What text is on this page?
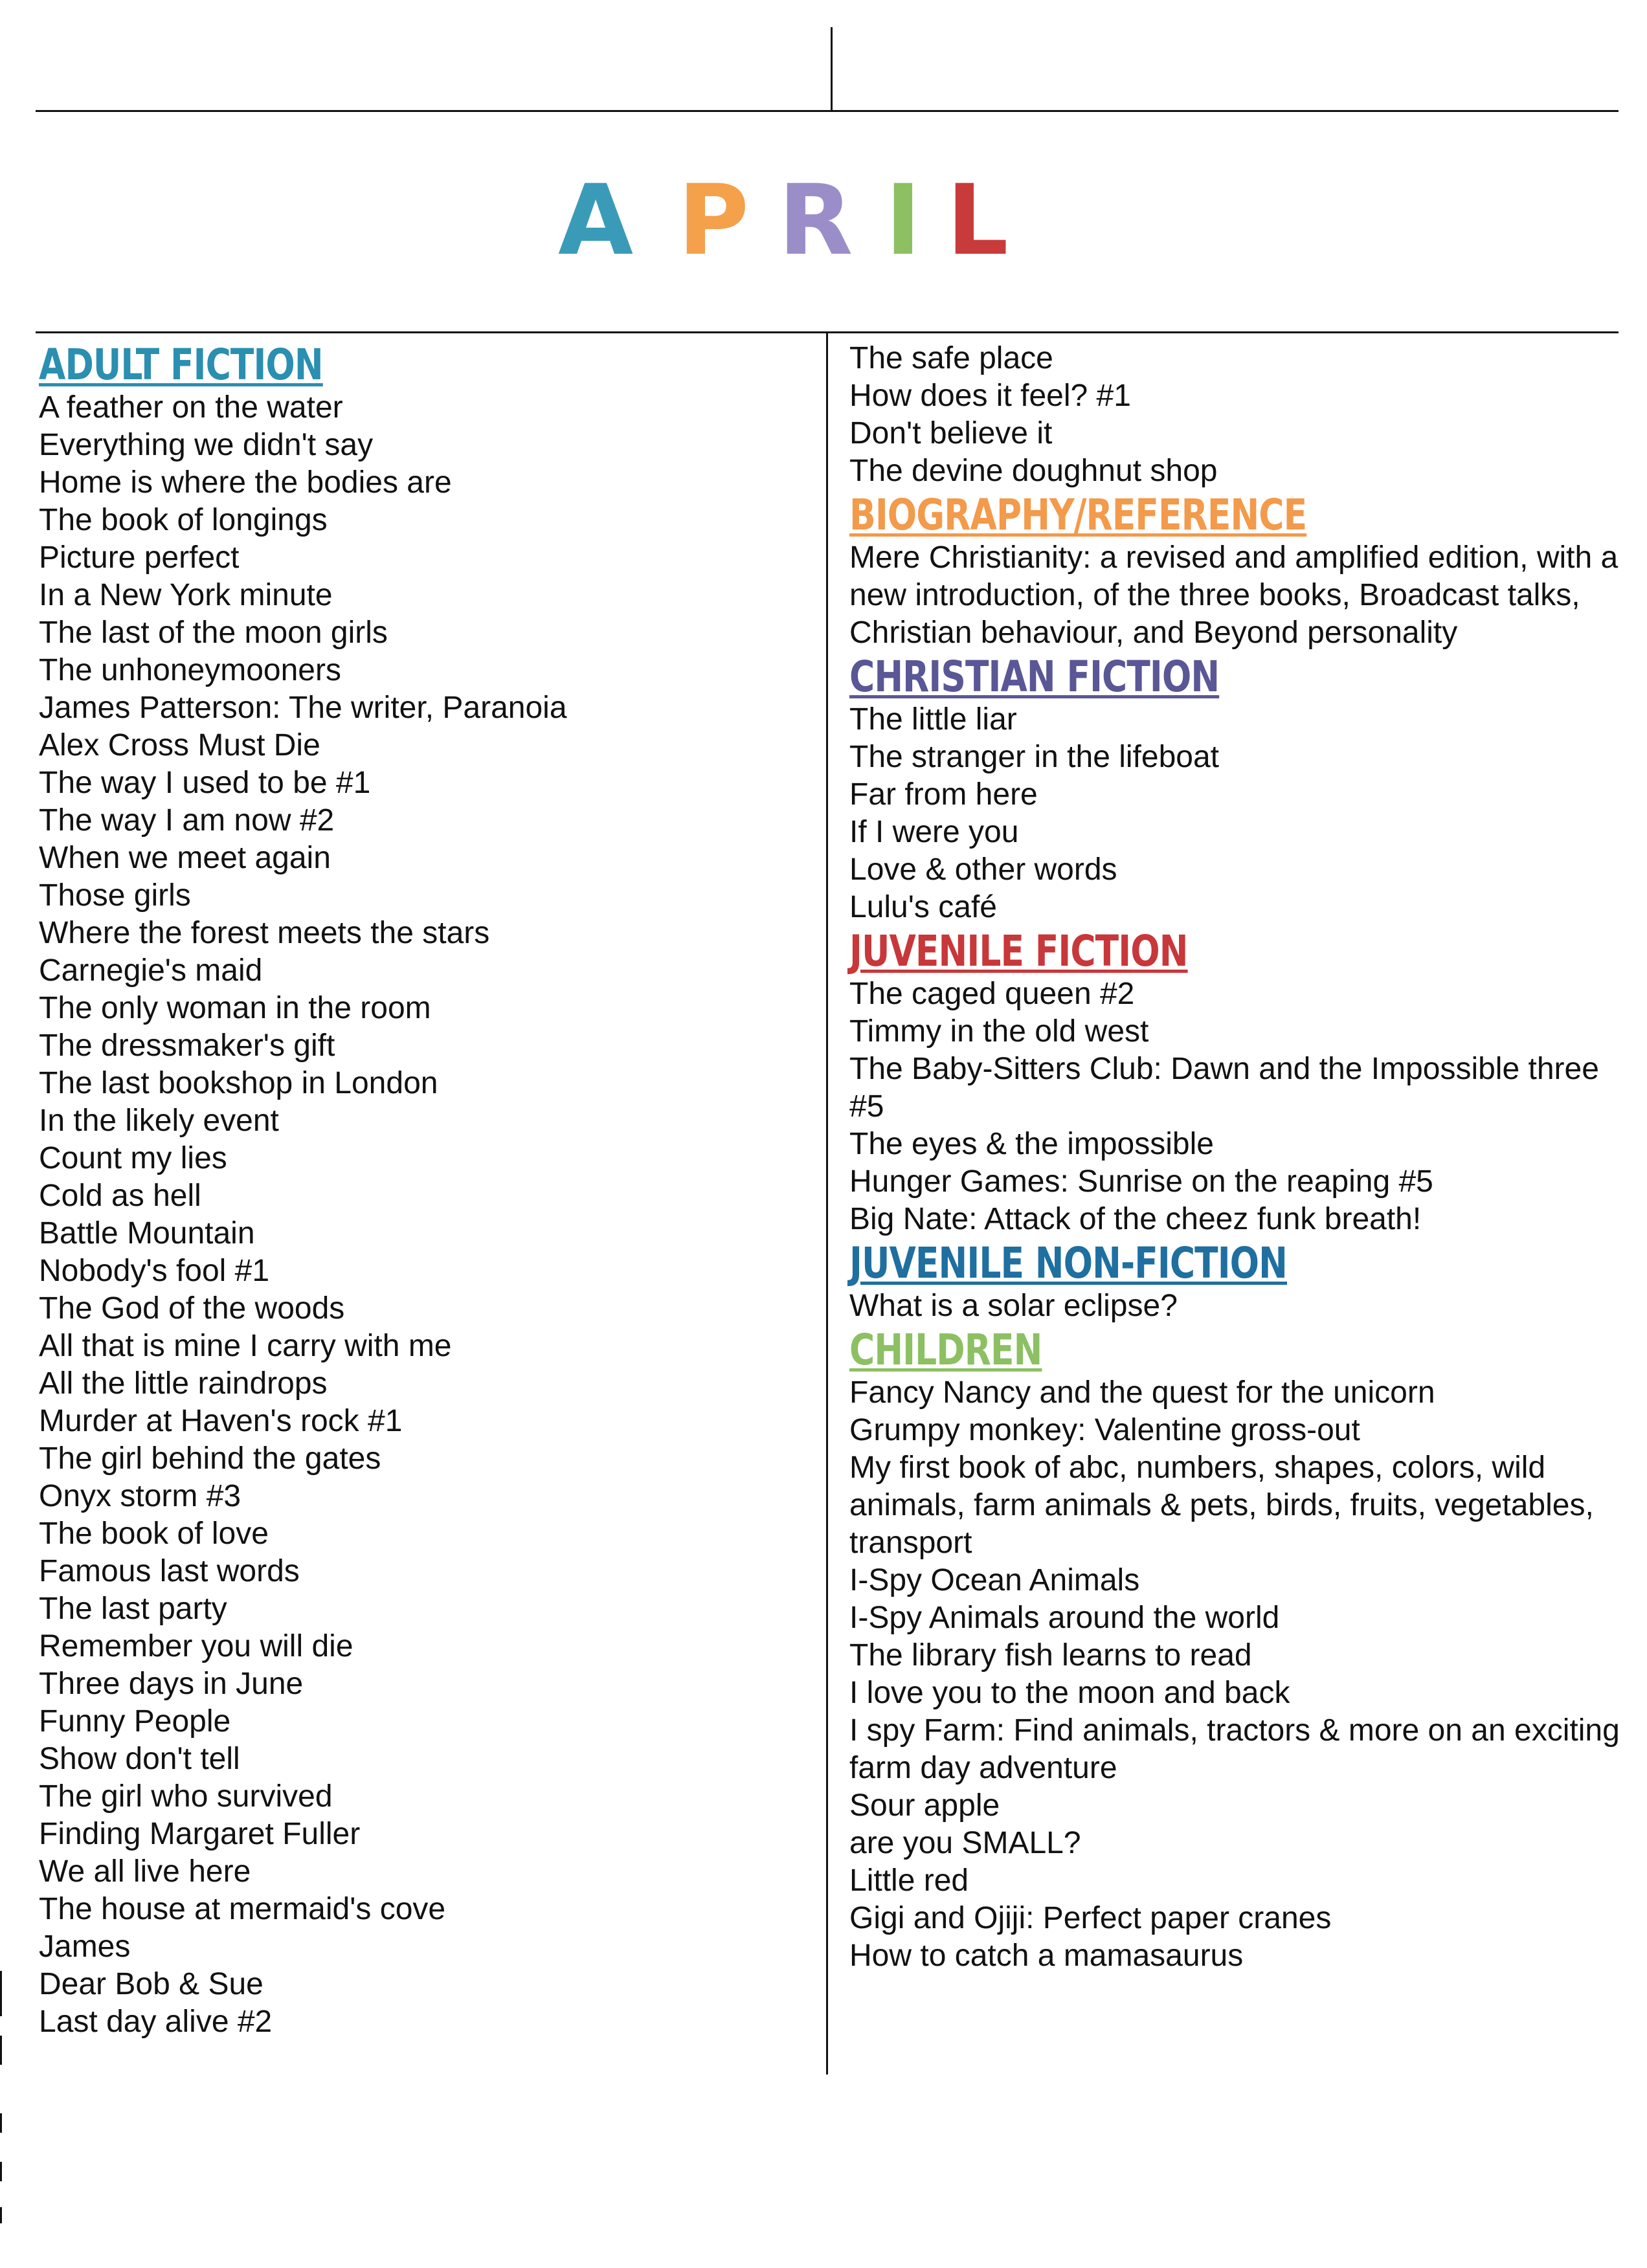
A P R I L
ADULT FICTION
A feather on the water
Everything we didn't say
Home is where the bodies are
The book of longings
Picture perfect
In a New York minute
The last of the moon girls
The unhoneymooners
James Patterson: The writer, Paranoia
Alex Cross Must Die
The way I used to be #1
The way I am now #2
When we meet again
Those girls
Where the forest meets the stars
Carnegie's maid
The only woman in the room
The dressmaker's gift
The last bookshop in London
In the likely event
Count my lies
Cold as hell
Battle Mountain
Nobody's fool #1
The God of the woods
All that is mine I carry with me
All the little raindrops
Murder at Haven's rock #1
The girl behind the gates
Onyx storm #3
The book of love
Famous last words
The last party
Remember you will die
Three days in June
Funny People
Show don't tell
The girl who survived
Finding Margaret Fuller
We all live here
The house at mermaid's cove
James
Dear Bob & Sue
Last day alive #2
The safe place
How does it feel? #1
Don't believe it
The devine doughnut shop
BIOGRAPHY/REFERENCE
Mere Christianity: a revised and amplified edition, with a new introduction, of the three books, Broadcast talks, Christian behaviour, and Beyond personality
CHRISTIAN FICTION
The little liar
The stranger in the lifeboat
Far from here
If I were you
Love & other words
Lulu's café
JUVENILE FICTION
The caged queen #2
Timmy in the old west
The Baby-Sitters Club: Dawn and the Impossible three #5
The eyes & the impossible
Hunger Games: Sunrise on the reaping #5
Big Nate: Attack of the cheez funk breath!
JUVENILE NON-FICTION
What is a solar eclipse?
CHILDREN
Fancy Nancy and the quest for the unicorn
Grumpy monkey: Valentine gross-out
My first book of abc, numbers, shapes, colors, wild animals, farm animals & pets, birds, fruits, vegetables, transport
I-Spy Ocean Animals
I-Spy Animals around the world
The library fish learns to read
I love you to the moon and back
I spy Farm: Find animals, tractors & more on an exciting farm day adventure
Sour apple
are you SMALL?
Little red
Gigi and Ojiji: Perfect paper cranes
How to catch a mamasaurus
